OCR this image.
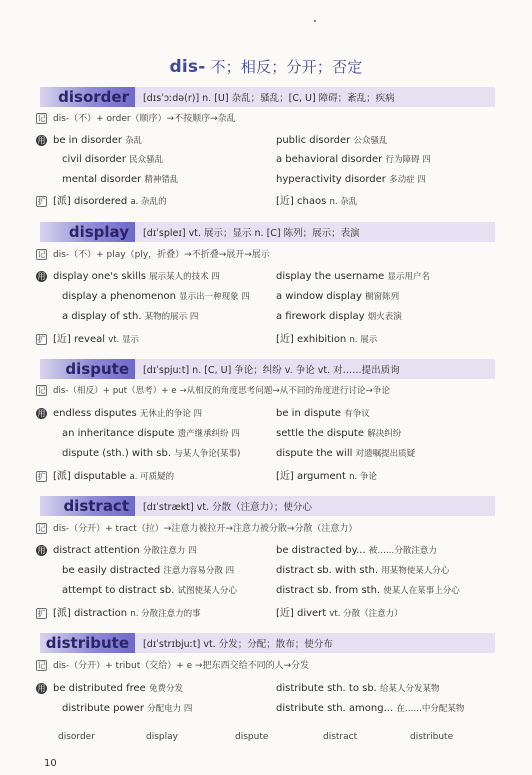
dis- 不；相反；分开；否定
disorder	[dɪsˈɔːdə(r)] n. [U] 杂乱；骚乱；[C, U] 障碍；紊乱；疾病
记 dis-（不）+ order（顺序）→不按顺序→杂乱
用 be in disorder 杂乱	public disorder 公众骚乱
civil disorder 民众骚乱	a behavioral disorder 行为障碍 四
mental disorder 精神错乱	hyperactivity disorder 多动症 四
扩 [派] disordered a. 杂乱的	[近] chaos n. 杂乱
display	[dɪˈspleɪ] vt. 展示；显示 n. [C] 陈列；展示；表演
记 dis-（不）+ play（ply，折叠）→不折叠→展开→展示
用 display one's skills 展示某人的技术 四	display the username 显示用户名
display a phenomenon 显示出一种现象 四	a window display 橱窗陈列
a display of sth. 某物的展示 四	a firework display 烟火表演
扩 [近] reveal vt. 显示	[近] exhibition n. 展示
dispute	[dɪˈspjuːt] n. [C, U] 争论；纠纷 v. 争论 vt. 对……提出质询
记 dis-（相反）+ put（思考）+ e →从相反的角度思考问题→从不同的角度进行讨论→争论
用 endless disputes 无休止的争论 四	be in dispute 有争议
an inheritance dispute 遗产继承纠纷 四	settle the dispute 解决纠纷
dispute (sth.) with sb. 与某人争论(某事)	dispute the will 对遗嘱提出质疑
扩 [派] disputable a. 可质疑的	[近] argument n. 争论
distract	[dɪˈstrækt] vt. 分散（注意力）；使分心
记 dis-（分开）+ tract（拉）→注意力被拉开→注意力被分散→分散（注意力）
用 distract attention 分散注意力 四	be distracted by... 被……分散注意力
be easily distracted 注意力容易分散 四	distract sb. with sth. 用某物使某人分心
attempt to distract sb. 试图使某人分心	distract sb. from sth. 使某人在某事上分心
扩 [派] distraction n. 分散注意力的事	[近] divert vt. 分散（注意力）
distribute	[dɪˈstrɪbjuːt] vt. 分发；分配；散布；使分布
记 dis-（分开）+ tribut（交给）+ e →把东西交给不同的人→分发
用 be distributed free 免费分发	distribute sth. to sb. 给某人分发某物
distribute power 分配电力 四	distribute sth. among... 在……中分配某物
disorder	display	dispute	distract	distribute
10
